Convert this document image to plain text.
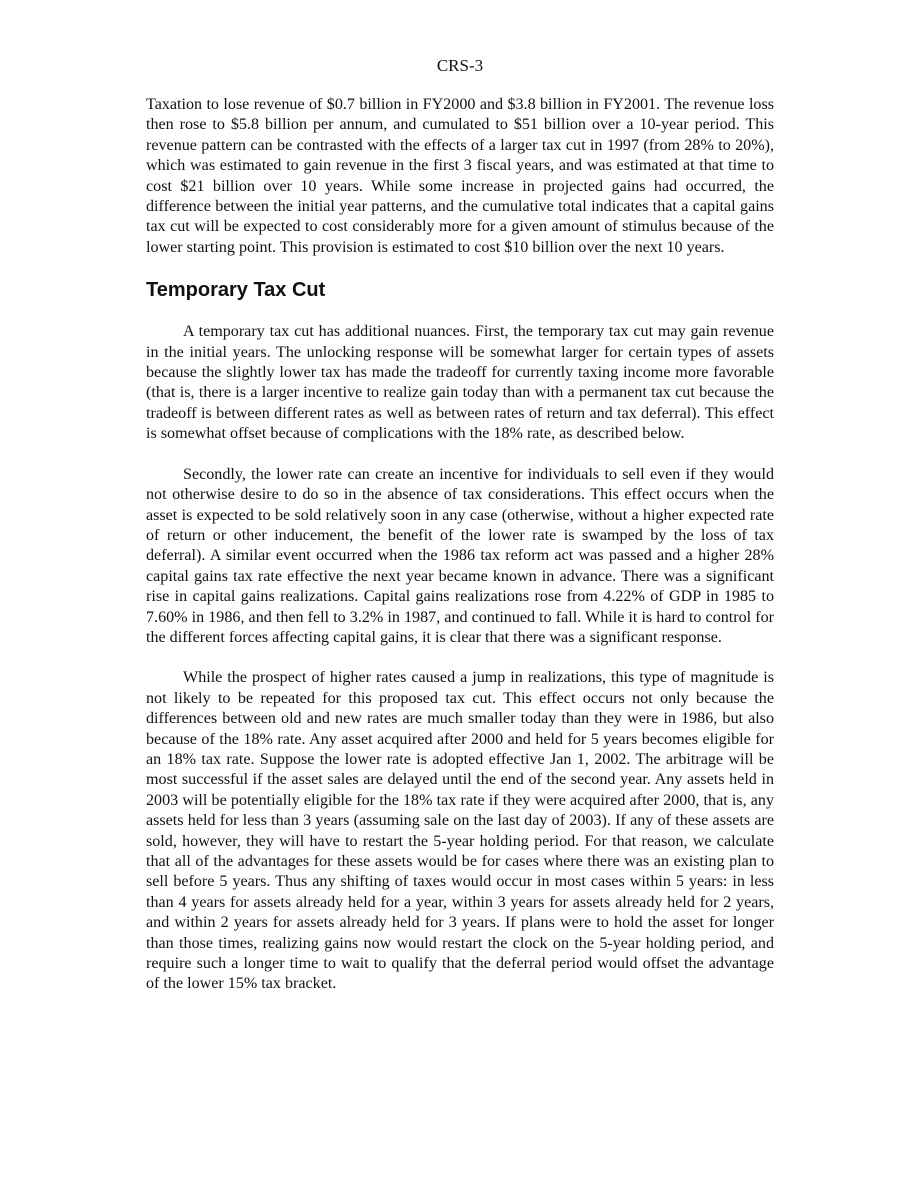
CRS-3

Taxation to lose revenue of $0.7 billion in FY2000 and $3.8 billion in FY2001. The revenue loss then rose to $5.8 billion per annum, and cumulated to $51 billion over a 10-year period. This revenue pattern can be contrasted with the effects of a larger tax cut in 1997 (from 28% to 20%), which was estimated to gain revenue in the first 3 fiscal years, and was estimated at that time to cost $21 billion over 10 years. While some increase in projected gains had occurred, the difference between the initial year patterns, and the cumulative total indicates that a capital gains tax cut will be expected to cost considerably more for a given amount of stimulus because of the lower starting point. This provision is estimated to cost $10 billion over the next 10 years.

Temporary Tax Cut

A temporary tax cut has additional nuances. First, the temporary tax cut may gain revenue in the initial years. The unlocking response will be somewhat larger for certain types of assets because the slightly lower tax has made the tradeoff for currently taxing income more favorable (that is, there is a larger incentive to realize gain today than with a permanent tax cut because the tradeoff is between different rates as well as between rates of return and tax deferral). This effect is somewhat offset because of complications with the 18% rate, as described below.

Secondly, the lower rate can create an incentive for individuals to sell even if they would not otherwise desire to do so in the absence of tax considerations. This effect occurs when the asset is expected to be sold relatively soon in any case (otherwise, without a higher expected rate of return or other inducement, the benefit of the lower rate is swamped by the loss of tax deferral). A similar event occurred when the 1986 tax reform act was passed and a higher 28% capital gains tax rate effective the next year became known in advance. There was a significant rise in capital gains realizations. Capital gains realizations rose from 4.22% of GDP in 1985 to 7.60% in 1986, and then fell to 3.2% in 1987, and continued to fall. While it is hard to control for the different forces affecting capital gains, it is clear that there was a significant response.

While the prospect of higher rates caused a jump in realizations, this type of magnitude is not likely to be repeated for this proposed tax cut. This effect occurs not only because the differences between old and new rates are much smaller today than they were in 1986, but also because of the 18% rate. Any asset acquired after 2000 and held for 5 years becomes eligible for an 18% tax rate. Suppose the lower rate is adopted effective Jan 1, 2002. The arbitrage will be most successful if the asset sales are delayed until the end of the second year. Any assets held in 2003 will be potentially eligible for the 18% tax rate if they were acquired after 2000, that is, any assets held for less than 3 years (assuming sale on the last day of 2003). If any of these assets are sold, however, they will have to restart the 5-year holding period. For that reason, we calculate that all of the advantages for these assets would be for cases where there was an existing plan to sell before 5 years. Thus any shifting of taxes would occur in most cases within 5 years: in less than 4 years for assets already held for a year, within 3 years for assets already held for 2 years, and within 2 years for assets already held for 3 years. If plans were to hold the asset for longer than those times, realizing gains now would restart the clock on the 5-year holding period, and require such a longer time to wait to qualify that the deferral period would offset the advantage of the lower 15% tax bracket.
